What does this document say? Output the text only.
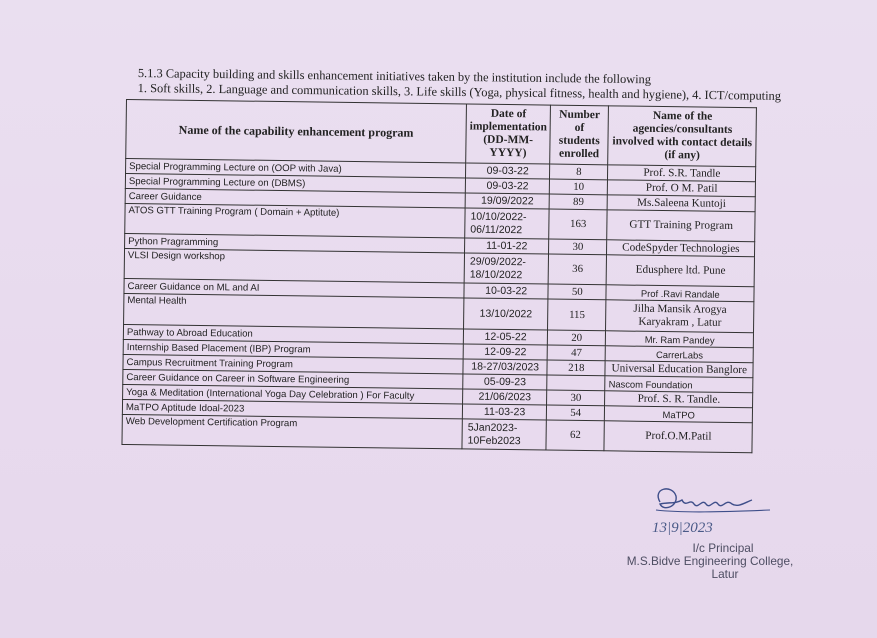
5.1.3 Capacity building and skills enhancement initiatives taken by the institution include the following
1. Soft skills, 2. Language and communication skills, 3. Life skills (Yoga, physical fitness, health and hygiene), 4. ICT/computing
Name of the capability enhancement program	Date of implementation (DD-MM-YYYY)	Number of students enrolled	Name of the agencies/consultants involved with contact details (if any)
Special Programming Lecture on (OOP with Java)	09-03-22	8	Prof. S.R. Tandle
Special Programming Lecture on (DBMS)	09-03-22	10	Prof. O M. Patil
Career Guidance	19/09/2022	89	Ms.Saleena Kuntoji
ATOS GTT Training Program ( Domain + Aptitute)	10/10/2022-
06/11/2022	163	GTT Training Program
Python Pragramming	11-01-22	30	CodeSpyder Technologies
VLSI Design workshop	29/09/2022-
18/10/2022	36	Edusphere ltd. Pune
Career Guidance on ML and AI	10-03-22	50	Prof .Ravi Randale
Mental Health	13/10/2022	115	Jilha Mansik Arogya
Karyakram , Latur

Pathway to Abroad Education	12-05-22	20	Mr. Ram Pandey
Internship Based Placement (IBP) Program	12-09-22	47	CarrerLabs
Campus Recruitment Training Program	18-27/03/2023	218	Universal Education Banglore
Career Guidance on Career in Software Engineering	05-09-23		Nascom Foundation
Yoga & Meditation (International Yoga Day Celebration ) For Faculty	21/06/2023	30	Prof. S. R. Tandle.
MaTPO Aptitude Idoal-2023	11-03-23	54	MaTPO
Web Development Certification Program	5Jan2023-
10Feb2023	62	Prof.O.M.Patil
13|9|2023
I/c Principal
M.S.Bidve Engineering College,
Latur
